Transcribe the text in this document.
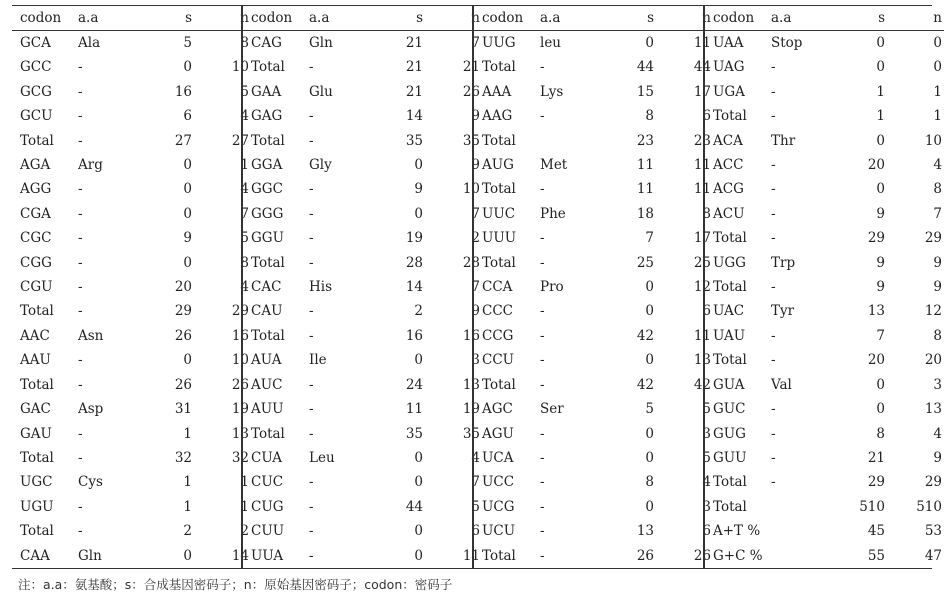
codon	a.a	s	n
GCA	Ala	5	8
GCC	-	0	10
GCG	-	16	5
GCU	-	6	4
Total	-	27	27
AGA	Arg	0	1
AGG	-	0	4
CGA	-	0	7
CGC	-	9	5
CGG	-	0	8
CGU	-	20	4
Total	-	29	29
AAC	Asn	26	16
AAU	-	0	10
Total	-	26	26
GAC	Asp	31	19
GAU	-	1	13
Total	-	32	32
UGC	Cys	1	1
UGU	-	1	1
Total	-	2	2
CAA	Gln	0	14
codon	a.a	s	n
CAG	Gln	21	7
Total	-	21	21
GAA	Glu	21	26
GAG	-	14	9
Total	-	35	35
GGA	Gly	0	9
GGC	-	9	10
GGG	-	0	7
GGU	-	19	2
Total	-	28	28
CAC	His	14	7
CAU	-	2	9
Total	-	16	16
AUA	Ile	0	3
AUC	-	24	13
AUU	-	11	19
Total	-	35	35
CUA	Leu	0	4
CUC	-	0	7
CUG	-	44	5
CUU	-	0	6
UUA	-	0	11
codon	a.a	s	n
UUG	leu	0	11
Total	-	44	44
AAA	Lys	15	17
AAG	-	8	6
Total		23	23
AUG	Met	11	11
Total	-	11	11
UUC	Phe	18	8
UUU	-	7	17
Total	-	25	25
CCA	Pro	0	12
CCC	-	0	6
CCG	-	42	11
CCU	-	0	13
Total	-	42	42
AGC	Ser	5	5
AGU	-	0	3
UCA	-	0	5
UCC	-	8	4
UCG	-	0	3
UCU	-	13	6
Total	-	26	26
codon	a.a	s	n
UAA	Stop	0	0
UAG	-	0	0
UGA	-	1	1
Total	-	1	1
ACA	Thr	0	10
ACC	-	20	4
ACG	-	0	8
ACU	-	9	7
Total	-	29	29
UGG	Trp	9	9
Total	-	9	9
UAC	Tyr	13	12
UAU	-	7	8
Total	-	20	20
GUA	Val	0	3
GUC	-	0	13
GUG	-	8	4
GUU	-	21	9
Total	-	29	29
Total		510	510
A+T %		45	53
G+C %		55	47
注：a.a：氨基酸；s：合成基因密码子；n：原始基因密码子；codon：密码子
